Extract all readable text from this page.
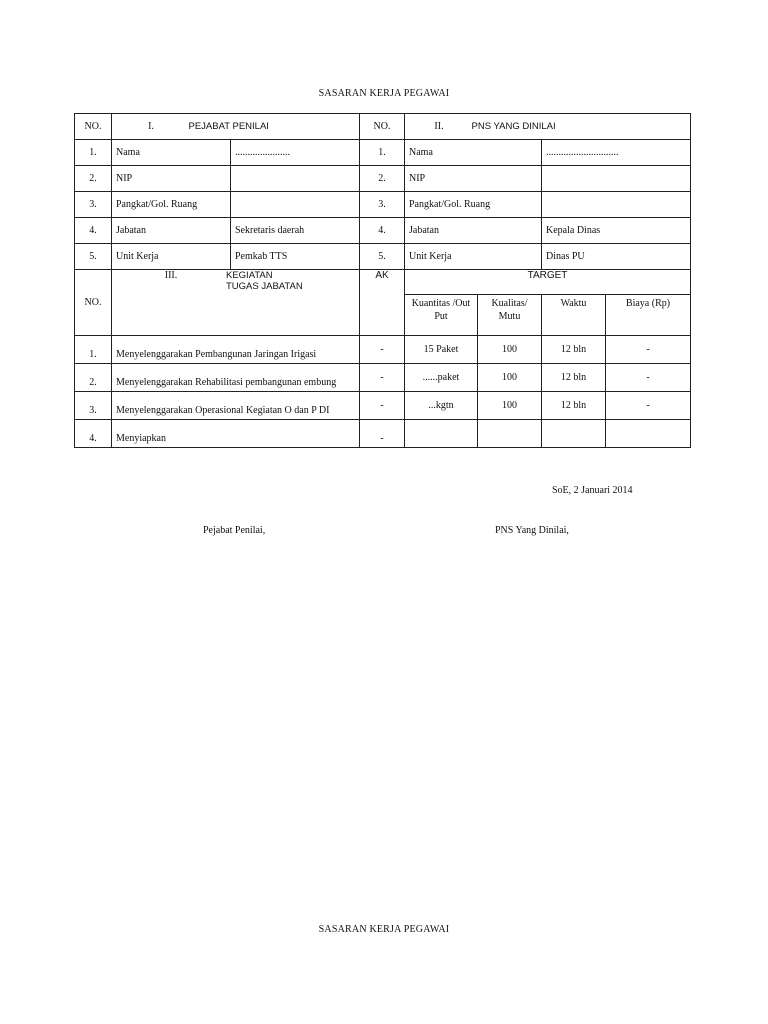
SASARAN KERJA PEGAWAI
NO.	I. PEJABAT PENILAI		NO.	II. PNS YANG DINILAI			
1.	Nama	......................	1.	Nama		.............................	
2.	NIP		2.	NIP			
3.	Pangkat/Gol. Ruang		3.	Pangkat/Gol. Ruang			
4.	Jabatan	Sekretaris daerah	4.	Jabatan		Kepala Dinas	
5.	Unit Kerja	Pemkab TTS	5.	Unit Kerja		Dinas PU	
NO.	III. KEGIATAN TUGAS JABATAN		AK	TARGET			
				Kuantitas /Out Put	Kualitas/ Mutu	Waktu	Biaya (Rp)
1.	Menyelenggarakan Pembangunan Jaringan Irigasi		-	15 Paket	100	12 bln	-
2.	Menyelenggarakan Rehabilitasi pembangunan embung		-	......paket	100	12 bln	-
3.	Menyelenggarakan Operasional Kegiatan O dan P DI		-	...kgtn	100	12 bln	-
4.	Menyiapkan		-				
SoE, 2 Januari 2014
Pejabat Penilai,	PNS Yang Dinilai,
SASARAN KERJA PEGAWAI
